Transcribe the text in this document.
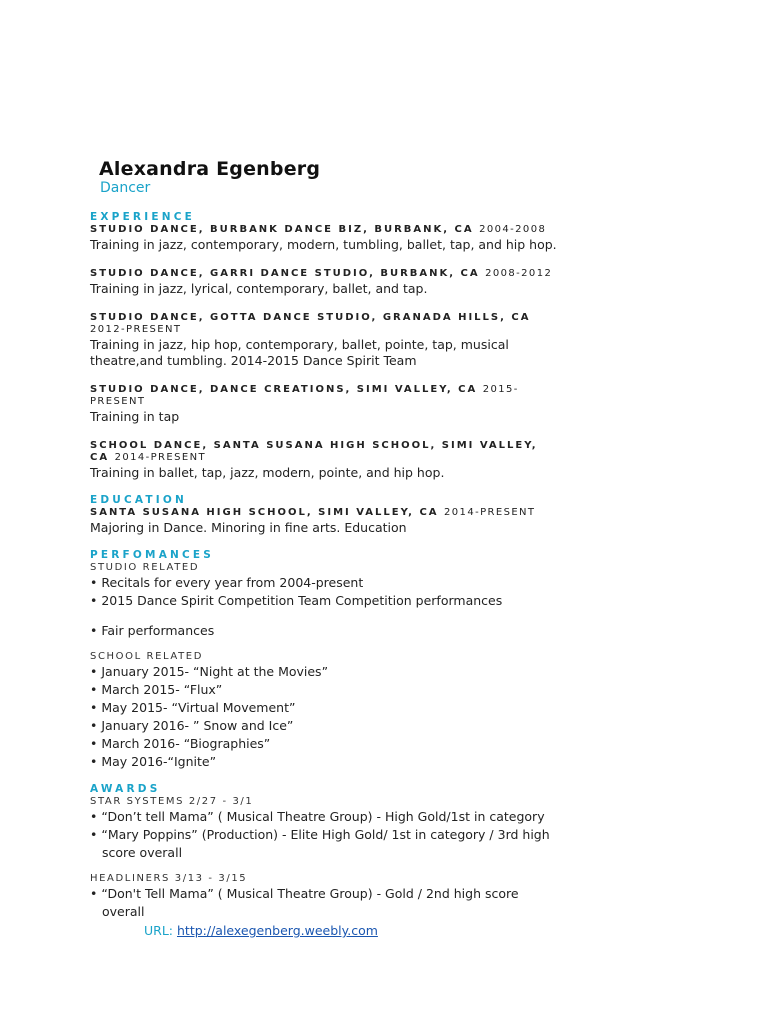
Alexandra Egenberg
Dancer
EXPERIENCE
STUDIO DANCE, BURBANK DANCE BIZ, BURBANK, CA 2004-2008
Training in jazz, contemporary, modern, tumbling, ballet, tap, and hip hop.
STUDIO DANCE, GARRI DANCE STUDIO, BURBANK, CA 2008-2012
Training in jazz, lyrical, contemporary, ballet, and tap.
STUDIO DANCE, GOTTA DANCE STUDIO, GRANADA HILLS, CA 2012-PRESENT
Training in jazz, hip hop, contemporary, ballet, pointe, tap, musical theatre,and tumbling. 2014-2015 Dance Spirit Team
STUDIO DANCE, DANCE CREATIONS, SIMI VALLEY, CA 2015-PRESENT
Training in tap
SCHOOL DANCE, SANTA SUSANA HIGH SCHOOL, SIMI VALLEY, CA 2014-PRESENT
Training in ballet, tap, jazz, modern, pointe, and hip hop.
EDUCATION
SANTA SUSANA HIGH SCHOOL, SIMI VALLEY, CA 2014-PRESENT
Majoring in Dance. Minoring in fine arts. Education
PERFOMANCES
STUDIO RELATED
• Recitals for every year from 2004-present
• 2015 Dance Spirit Competition Team Competition performances
• Fair performances
SCHOOL RELATED
• January 2015- “Night at the Movies”
• March 2015- “Flux”
• May 2015- “Virtual Movement”
• January 2016- ” Snow and Ice”
• March 2016- “Biographies”
• May 2016-“Ignite”
AWARDS
STAR SYSTEMS 2/27 - 3/1
• “Don’t tell Mama” ( Musical Theatre Group) - High Gold/1st in category
• “Mary Poppins” (Production) - Elite High Gold/ 1st in category / 3rd high score overall
HEADLINERS 3/13 - 3/15
• “Don't Tell Mama” ( Musical Theatre Group) - Gold / 2nd high score overall
URL: http://alexegenberg.weebly.com
